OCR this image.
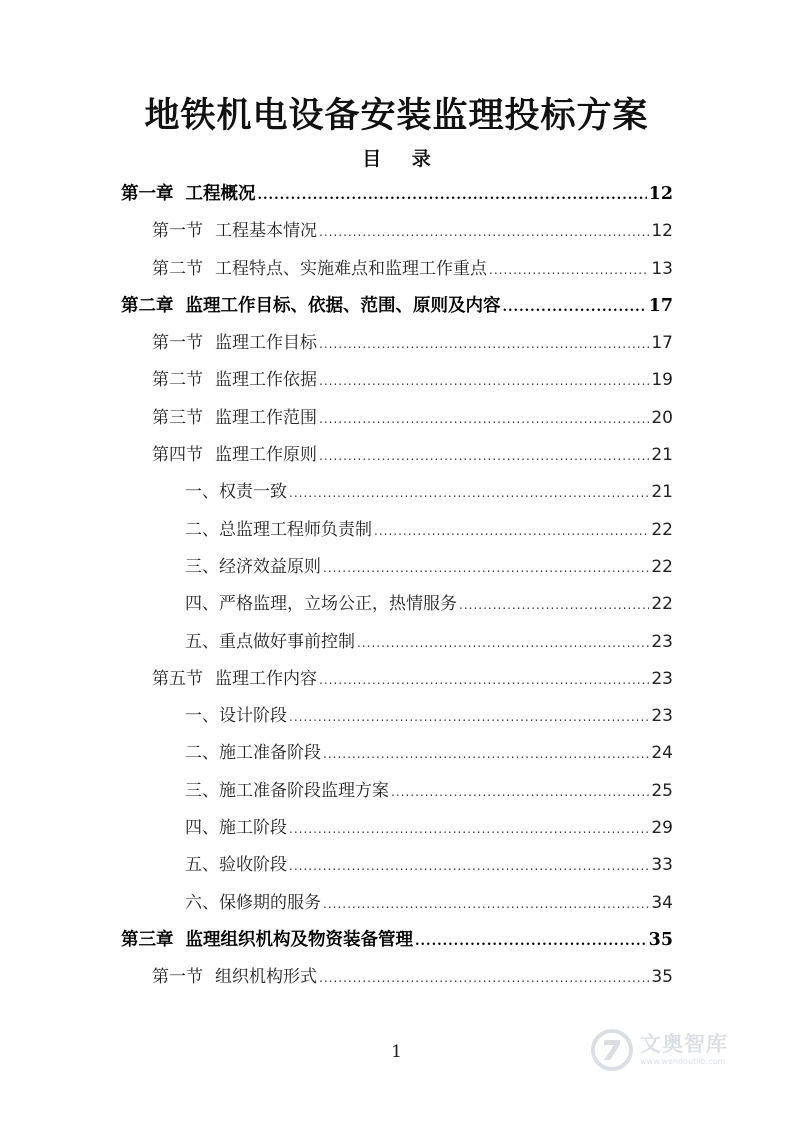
地铁机电设备安装监理投标方案
目 录
第一章 工程概况 .....	12
第一节 工程基本情况 .....	12
第二节 工程特点、实施难点和监理工作重点 .....	13
第二章 监理工作目标、依据、范围、原则及内容 .....	17
第一节 监理工作目标 .....	17
第二节 监理工作依据 .....	19
第三节 监理工作范围 .....	20
第四节 监理工作原则 .....	21
一、权责一致 .....	21
二、总监理工程师负责制 .....	22
三、经济效益原则 .....	22
四、严格监理，立场公正，热情服务 .....	22
五、重点做好事前控制 .....	23
第五节 监理工作内容 .....	23
一、设计阶段 .....	23
二、施工准备阶段 .....	24
三、施工准备阶段监理方案 .....	25
四、施工阶段 .....	29
五、验收阶段 .....	33
六、保修期的服务 .....	34
第三章 监理组织机构及物资装备管理 .....	35
第一节 组织机构形式 .....	35
1	文奥智库
www.wendoutlib.com
